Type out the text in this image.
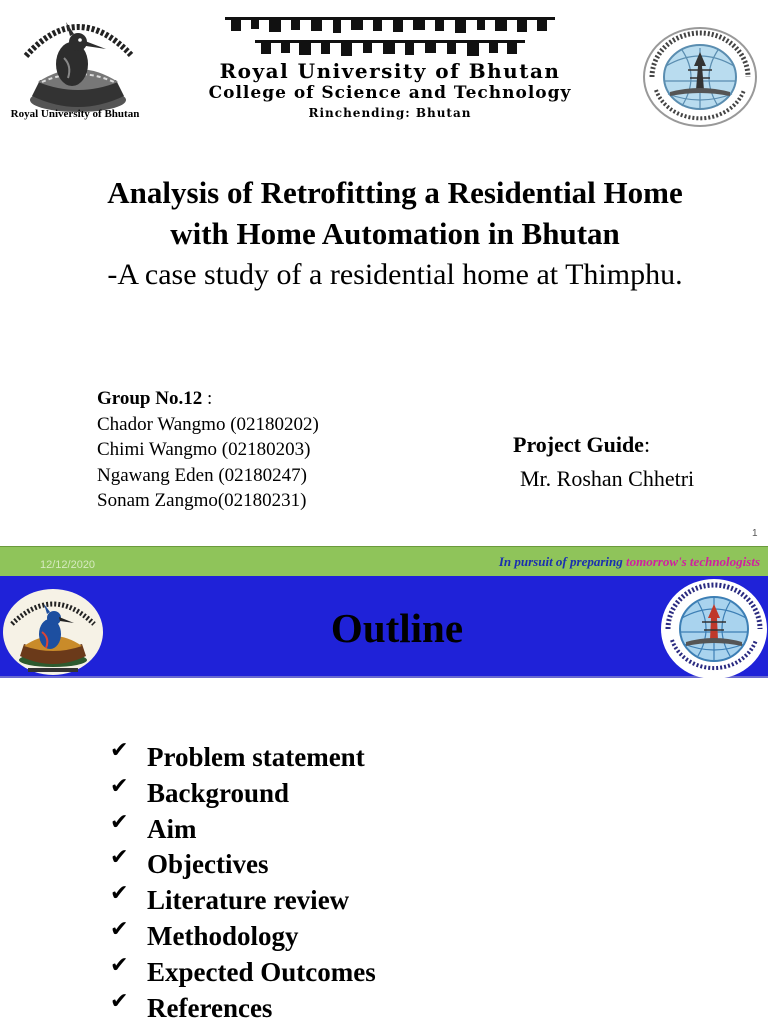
Royal University of Bhutan
Royal University of Bhutan
College of Science and Technology
Rinchending: Bhutan
Analysis of Retrofitting a Residential Home
with Home Automation in Bhutan
-A case study of a residential home at Thimphu.
Group No.12 :
Chador Wangmo (02180202)
Chimi Wangmo (02180203)
Ngawang Eden (02180247)
Sonam Zangmo(02180231)
Project Guide:
Mr. Roshan Chhetri
1
12/12/2020	In pursuit of preparing tomorrow's technologists
Outline
✔ Problem statement
✔ Background
✔ Aim
✔ Objectives
✔ Literature review
✔ Methodology
✔ Expected Outcomes
✔ References
